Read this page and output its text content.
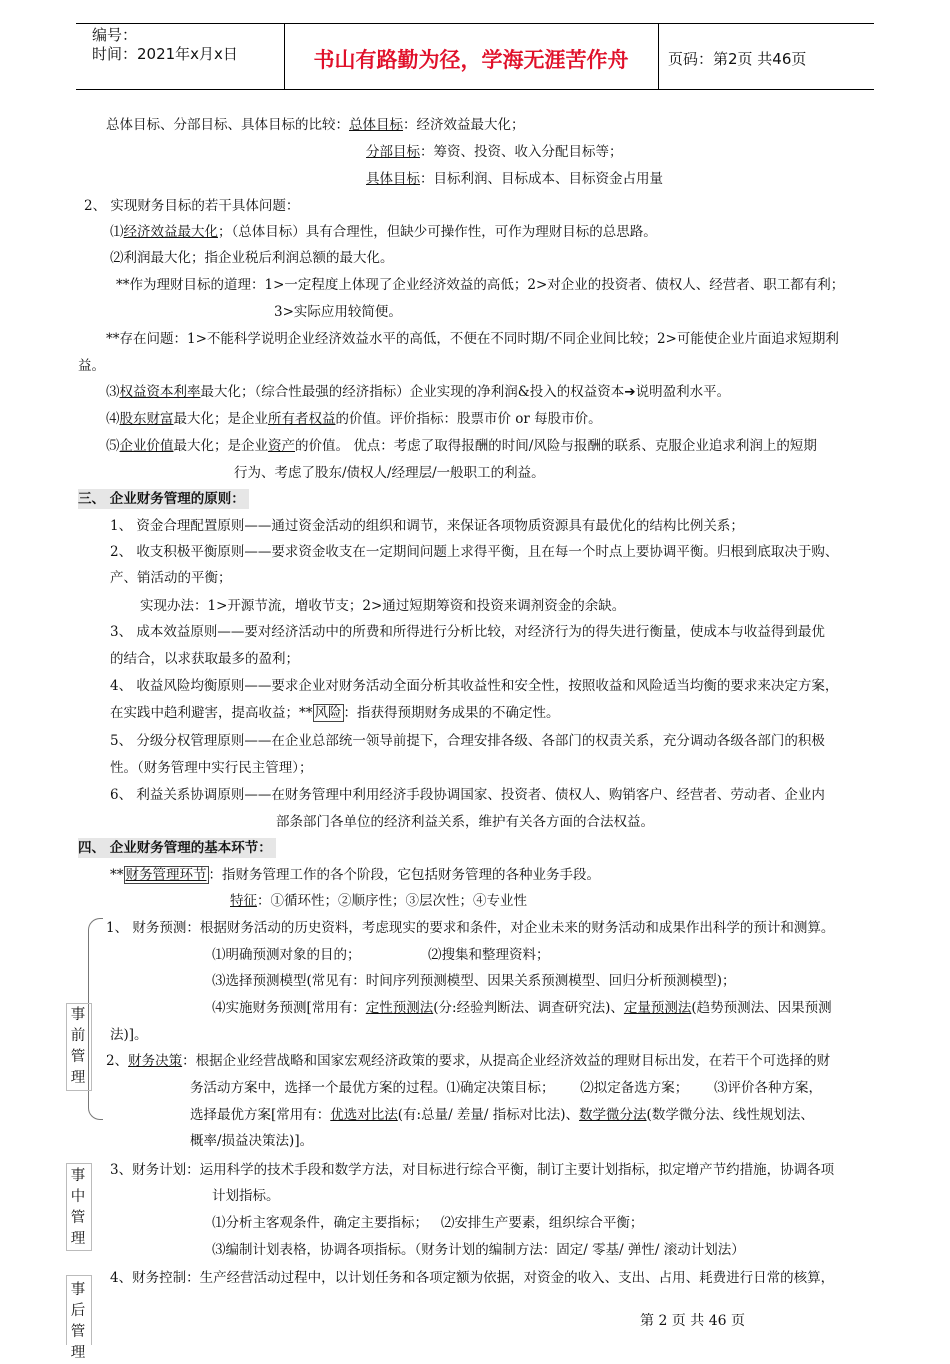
编号：
时间：2021年x月x日	书山有路勤为径，学海无涯苦作舟	页码：第2页 共46页
总体目标、分部目标、具体目标的比较：总体目标：经济效益最大化；
分部目标：筹资、投资、收入分配目标等；
具体目标：目标利润、目标成本、目标资金占用量
2、 实现财务目标的若干具体问题：
⑴经济效益最大化；（总体目标）具有合理性，但缺少可操作性，可作为理财目标的总思路。
⑵利润最大化；指企业税后利润总额的最大化。
**作为理财目标的道理：1>一定程度上体现了企业经济效益的高低；2>对企业的投资者、债权人、经营者、职工都有利；
3>实际应用较简便。
**存在问题：1>不能科学说明企业经济效益水平的高低，不便在不同时期/不同企业间比较；2>可能使企业片面追求短期利
益。
⑶权益资本利率最大化；（综合性最强的经济指标）企业实现的净利润&投入的权益资本➔说明盈利水平。
⑷股东财富最大化；是企业所有者权益的价值。评价指标：股票市价 or 每股市价。
⑸企业价值最大化；是企业资产的价值。 优点：考虑了取得报酬的时间/风险与报酬的联系、克服企业追求利润上的短期
行为、考虑了股东/债权人/经理层/一般职工的利益。
三、 企业财务管理的原则：
1、 资金合理配置原则——通过资金活动的组织和调节，来保证各项物质资源具有最优化的结构比例关系；
2、 收支积极平衡原则——要求资金收支在一定期间问题上求得平衡，且在每一个时点上要协调平衡。归根到底取决于购、
产、销活动的平衡；
实现办法：1>开源节流，增收节支；2>通过短期筹资和投资来调剂资金的余缺。
3、 成本效益原则——要对经济活动中的所费和所得进行分析比较，对经济行为的得失进行衡量，使成本与收益得到最优
的结合，以求获取最多的盈利；
4、 收益风险均衡原则——要求企业对财务活动全面分析其收益性和安全性，按照收益和风险适当均衡的要求来决定方案，
在实践中趋利避害，提高收益；** 风险 ：指获得预期财务成果的不确定性。
5、 分级分权管理原则——在企业总部统一领导前提下，合理安排各级、各部门的权责关系，充分调动各级各部门的积极
性。（财务管理中实行民主管理）；
6、 利益关系协调原则——在财务管理中利用经济手段协调国家、投资者、债权人、购销客户、经营者、劳动者、企业内
部条部门各单位的经济利益关系，维护有关各方面的合法权益。
四、 企业财务管理的基本环节：
** 财务管理环节 ：指财务管理工作的各个阶段，它包括财务管理的各种业务手段。
特征：①循环性；②顺序性；③层次性；④专业性
事前管理
1、 财务预测：根据财务活动的历史资料，考虑现实的要求和条件，对企业未来的财务活动和成果作出科学的预计和测算。
⑴明确预测对象的目的；	⑵搜集和整理资料；
⑶选择预测模型(常见有：时间序列预测模型、因果关系预测模型、回归分析预测模型)；
⑷实施财务预测[常用有：定性预测法(分:经验判断法、调查研究法)、定量预测法(趋势预测法、因果预测
法)]。
2、财务决策：根据企业经营战略和国家宏观经济政策的要求，从提高企业经济效益的理财目标出发，在若干个可选择的财
务活动方案中，选择一个最优方案的过程。⑴确定决策目标；      ⑵拟定备选方案；      ⑶评价各种方案，
选择最优方案[常用有：优选对比法(有:总量/ 差量/ 指标对比法)、数学微分法(数学微分法、线性规划法、
概率/损益决策法)]。
事中管理
3、财务计划：运用科学的技术手段和数学方法，对目标进行综合平衡，制订主要计划指标，拟定增产节约措施，协调各项
计划指标。
⑴分析主客观条件，确定主要指标；   ⑵安排生产要素，组织综合平衡；
⑶编制计划表格，协调各项指标。（财务计划的编制方法：固定/ 零基/ 弹性/ 滚动计划法）
事后管理
4、财务控制：生产经营活动过程中，以计划任务和各项定额为依据，对资金的收入、支出、占用、耗费进行日常的核算，
第 2 页 共 46 页
